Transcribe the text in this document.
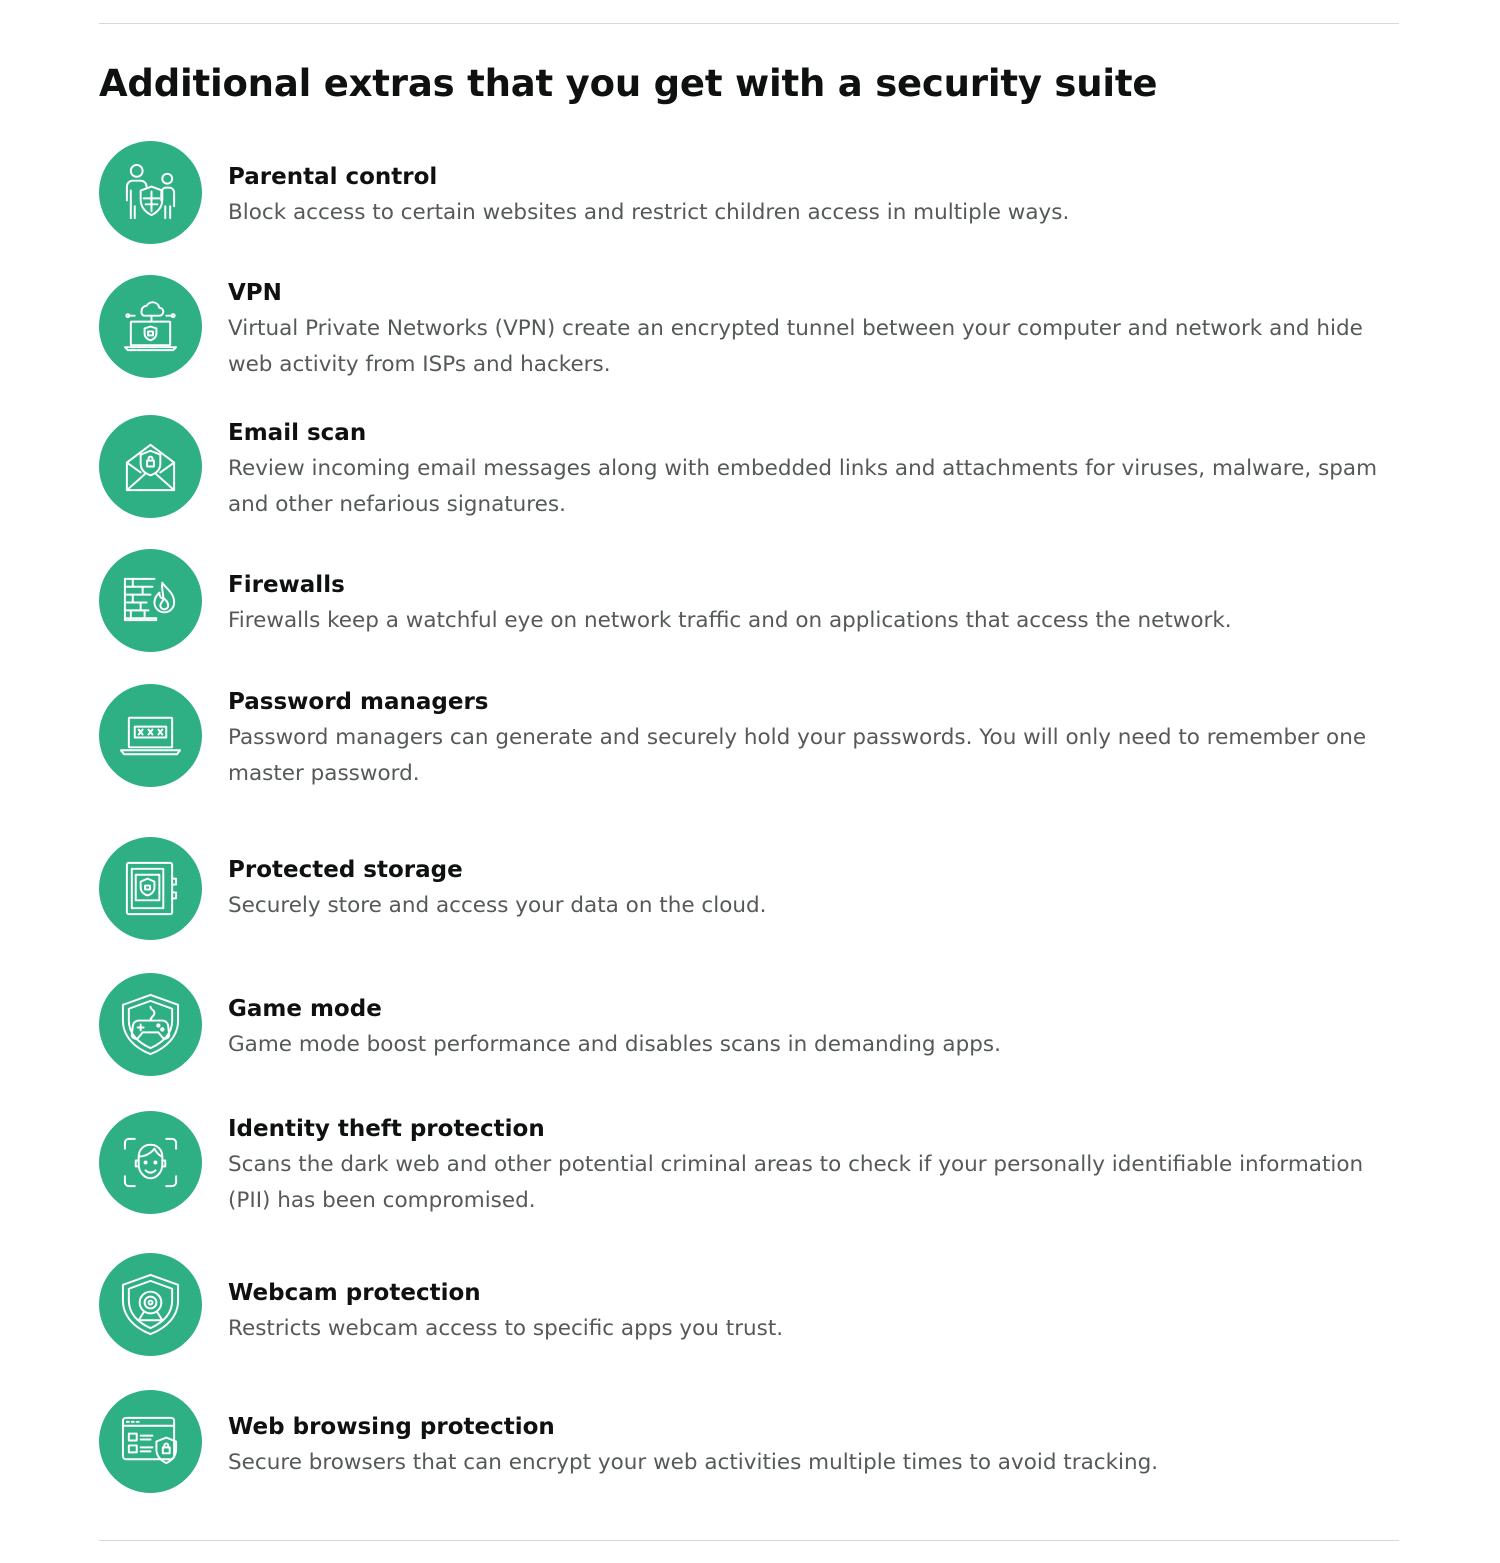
Additional extras that you get with a security suite
Parental control
Block access to certain websites and restrict children access in multiple ways.
VPN
Virtual Private Networks (VPN) create an encrypted tunnel between your computer and network and hide web activity from ISPs and hackers.
Email scan
Review incoming email messages along with embedded links and attachments for viruses, malware, spam and other nefarious signatures.
Firewalls
Firewalls keep a watchful eye on network traffic and on applications that access the network.
Password managers
Password managers can generate and securely hold your passwords. You will only need to remember one master password.
Protected storage
Securely store and access your data on the cloud.
Game mode
Game mode boost performance and disables scans in demanding apps.
Identity theft protection
Scans the dark web and other potential criminal areas to check if your personally identifiable information (PII) has been compromised.
Webcam protection
Restricts webcam access to specific apps you trust.
Web browsing protection
Secure browsers that can encrypt your web activities multiple times to avoid tracking.
